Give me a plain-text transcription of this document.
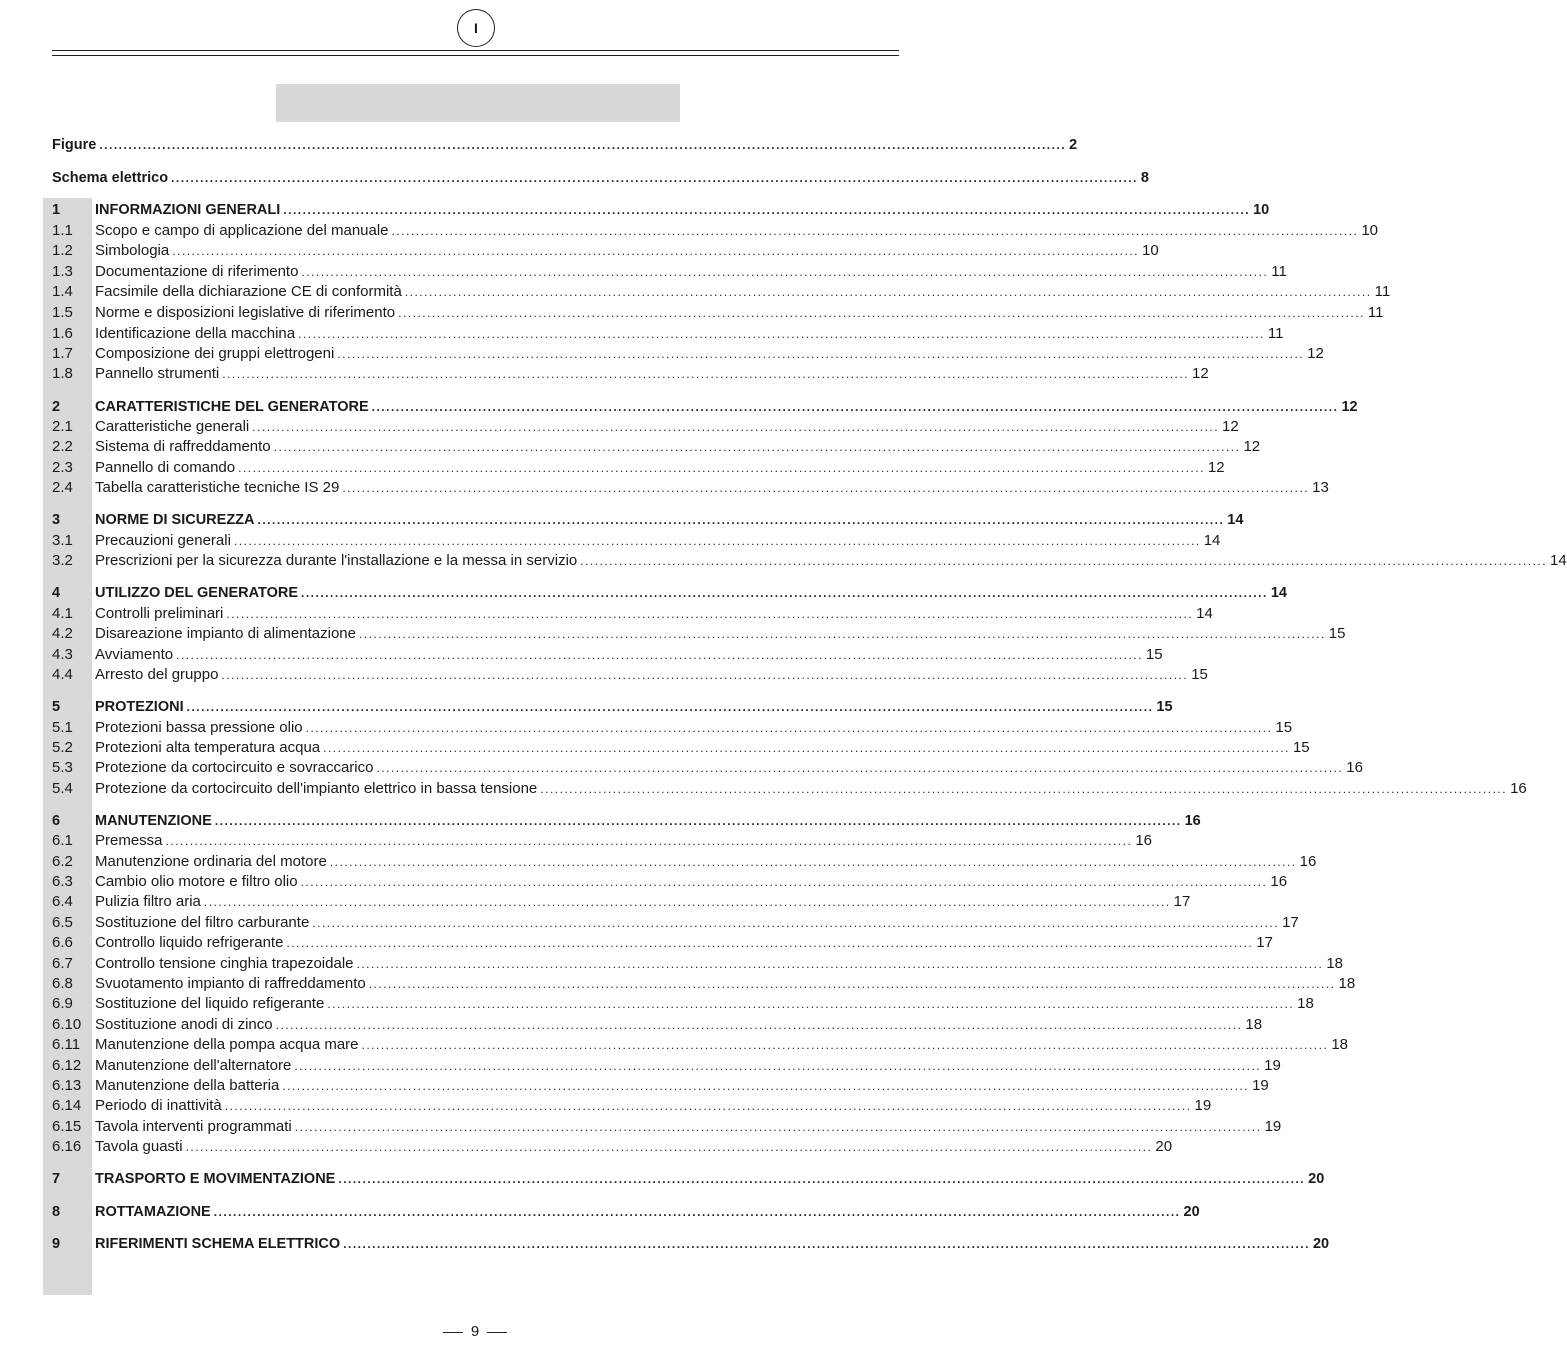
I
Figure ........................................................................................................................................................................................................ 2
Schema elettrico ........................................................................................................................................................................................................ 8
1	INFORMAZIONI GENERALI ........................................................................................................................................................................................................ 10
1.1	Scopo e campo di applicazione del manuale ........................................................................................................................................................................................................ 10
1.2	Simbologia ........................................................................................................................................................................................................ 10
1.3	Documentazione di riferimento ........................................................................................................................................................................................................ 11
1.4	Facsimile della dichiarazione CE di conformità ........................................................................................................................................................................................................ 11
1.5	Norme e disposizioni legislative di riferimento ........................................................................................................................................................................................................ 11
1.6	Identificazione della macchina ........................................................................................................................................................................................................ 11
1.7	Composizione dei gruppi elettrogeni ........................................................................................................................................................................................................ 12
1.8	Pannello strumenti ........................................................................................................................................................................................................ 12
2	CARATTERISTICHE DEL GENERATORE ........................................................................................................................................................................................................ 12
2.1	Caratteristiche generali ........................................................................................................................................................................................................ 12
2.2	Sistema di raffreddamento ........................................................................................................................................................................................................ 12
2.3	Pannello di comando ........................................................................................................................................................................................................ 12
2.4	Tabella caratteristiche tecniche IS 29 ........................................................................................................................................................................................................ 13
3	NORME DI SICUREZZA ........................................................................................................................................................................................................ 14
3.1	Precauzioni generali ........................................................................................................................................................................................................ 14
3.2	Prescrizioni per la sicurezza durante l'installazione e la messa in servizio ........................................................................................................................................................................................................ 14
4	UTILIZZO DEL GENERATORE ........................................................................................................................................................................................................ 14
4.1	Controlli preliminari ........................................................................................................................................................................................................ 14
4.2	Disareazione impianto di alimentazione ........................................................................................................................................................................................................ 15
4.3	Avviamento ........................................................................................................................................................................................................ 15
4.4	Arresto del gruppo ........................................................................................................................................................................................................ 15
5	PROTEZIONI ........................................................................................................................................................................................................ 15
5.1	Protezioni bassa pressione olio ........................................................................................................................................................................................................ 15
5.2	Protezioni alta temperatura acqua ........................................................................................................................................................................................................ 15
5.3	Protezione da cortocircuito e sovraccarico ........................................................................................................................................................................................................ 16
5.4	Protezione da cortocircuito dell'impianto elettrico in bassa tensione ........................................................................................................................................................................................................ 16
6	MANUTENZIONE ........................................................................................................................................................................................................ 16
6.1	Premessa ........................................................................................................................................................................................................ 16
6.2	Manutenzione ordinaria del motore ........................................................................................................................................................................................................ 16
6.3	Cambio olio motore e filtro olio ........................................................................................................................................................................................................ 16
6.4	Pulizia filtro aria ........................................................................................................................................................................................................ 17
6.5	Sostituzione del filtro carburante ........................................................................................................................................................................................................ 17
6.6	Controllo liquido refrigerante ........................................................................................................................................................................................................ 17
6.7	Controllo tensione cinghia trapezoidale ........................................................................................................................................................................................................ 18
6.8	Svuotamento impianto di raffreddamento ........................................................................................................................................................................................................ 18
6.9	Sostituzione del liquido refigerante ........................................................................................................................................................................................................ 18
6.10 Sostituzione anodi di zinco ........................................................................................................................................................................................................ 18
6.11 Manutenzione della pompa acqua mare ........................................................................................................................................................................................................ 18
6.12 Manutenzione dell'alternatore ........................................................................................................................................................................................................ 19
6.13 Manutenzione della batteria ........................................................................................................................................................................................................ 19
6.14 Periodo di inattività ........................................................................................................................................................................................................ 19
6.15 Tavola interventi programmati ........................................................................................................................................................................................................ 19
6.16 Tavola guasti ........................................................................................................................................................................................................ 20
7	TRASPORTO E MOVIMENTAZIONE ........................................................................................................................................................................................................ 20
8	ROTTAMAZIONE ........................................................................................................................................................................................................ 20
9	RIFERIMENTI SCHEMA ELETTRICO ........................................................................................................................................................................................................ 20
9
